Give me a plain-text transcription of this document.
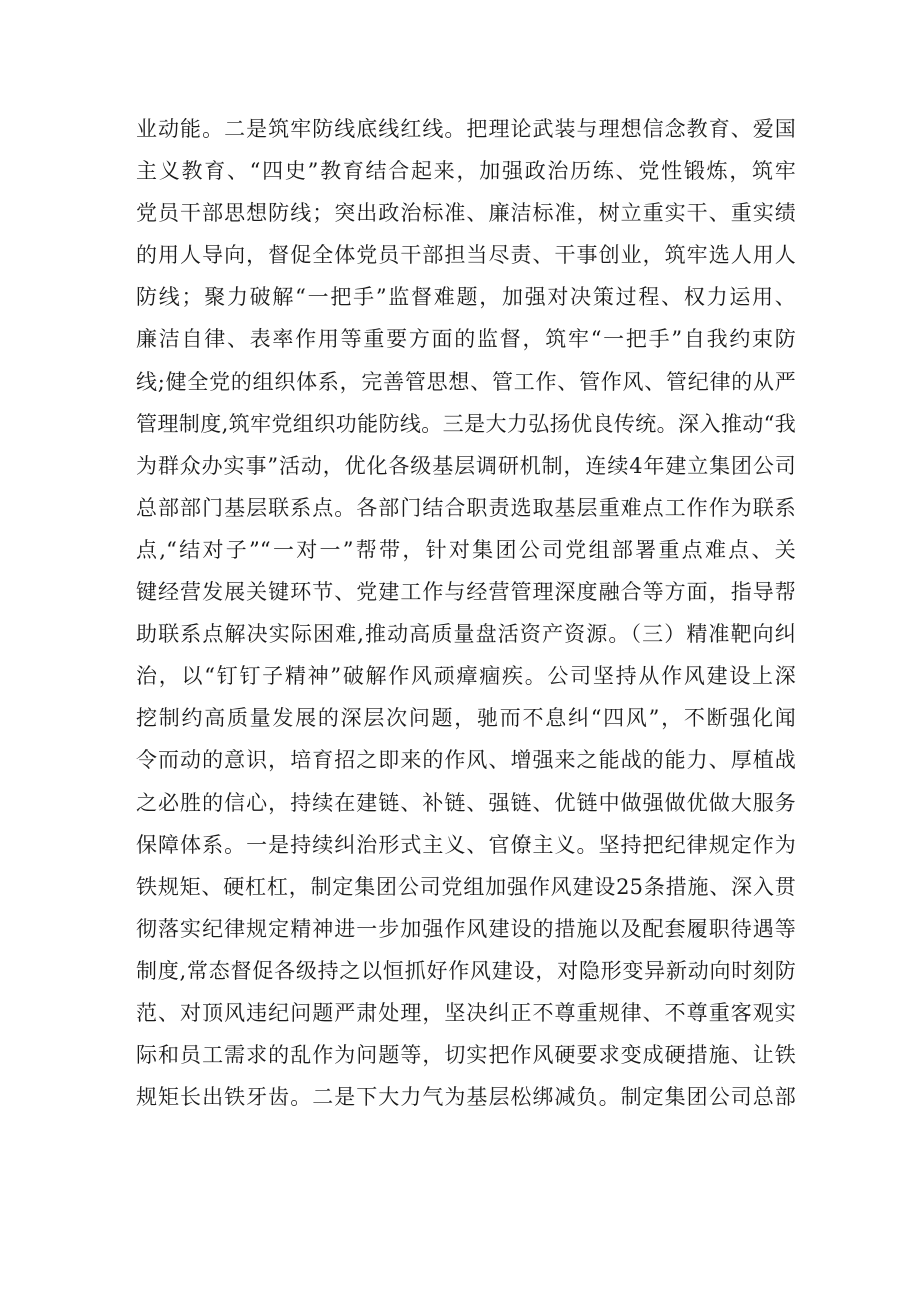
业动能。二是筑牢防线底线红线。把理论武装与理想信念教育、爱国
主义教育、“四史”教育结合起来，加强政治历练、党性锻炼，筑牢
党员干部思想防线；突出政治标准、廉洁标准，树立重实干、重实绩
的用人导向，督促全体党员干部担当尽责、干事创业，筑牢选人用人
防线；聚力破解“一把手”监督难题，加强对决策过程、权力运用、
廉洁自律、表率作用等重要方面的监督，筑牢“一把手”自我约束防
线;健全党的组织体系，完善管思想、管工作、管作风、管纪律的从严
管理制度,筑牢党组织功能防线。三是大力弘扬优良传统。深入推动“我
为群众办实事”活动，优化各级基层调研机制，连续4年建立集团公司
总部部门基层联系点。各部门结合职责选取基层重难点工作作为联系
点,“结对子”“一对一”帮带，针对集团公司党组部署重点难点、关
键经营发展关键环节、党建工作与经营管理深度融合等方面，指导帮
助联系点解决实际困难,推动高质量盘活资产资源。（三）精准靶向纠
治，以“钉钉子精神”破解作风顽瘴痼疾。公司坚持从作风建设上深
挖制约高质量发展的深层次问题，驰而不息纠“四风”，不断强化闻
令而动的意识，培育招之即来的作风、增强来之能战的能力、厚植战
之必胜的信心，持续在建链、补链、强链、优链中做强做优做大服务
保障体系。一是持续纠治形式主义、官僚主义。坚持把纪律规定作为
铁规矩、硬杠杠，制定集团公司党组加强作风建设25条措施、深入贯
彻落实纪律规定精神进一步加强作风建设的措施以及配套履职待遇等
制度,常态督促各级持之以恒抓好作风建设，对隐形变异新动向时刻防
范、对顶风违纪问题严肃处理，坚决纠正不尊重规律、不尊重客观实
际和员工需求的乱作为问题等，切实把作风硬要求变成硬措施、让铁
规矩长出铁牙齿。二是下大力气为基层松绑减负。制定集团公司总部
